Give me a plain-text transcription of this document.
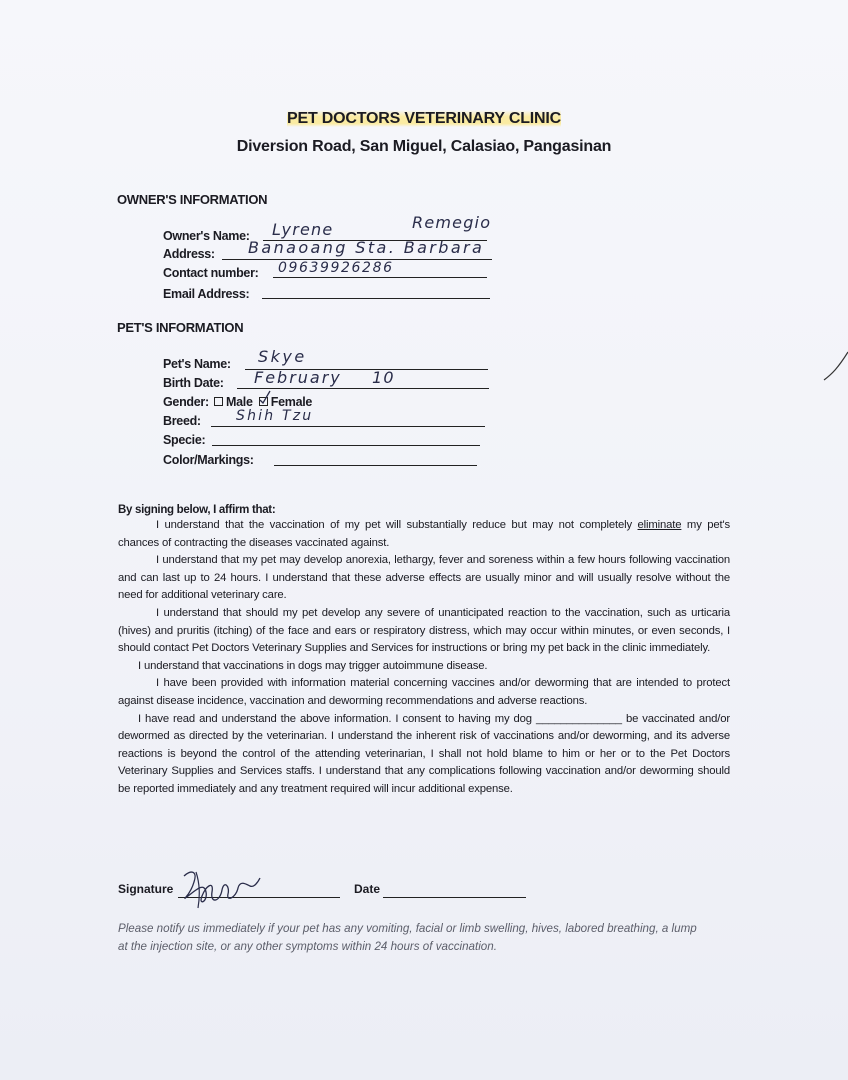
PET DOCTORS VETERINARY CLINIC
Diversion Road, San Miguel, Calasiao, Pangasinan
OWNER'S INFORMATION
Owner's Name: Lyrene	Remegio
Address: Banaoang Sta. Barbara
Contact number: 09639926286
Email Address:
PET'S INFORMATION
Pet's Name: Skye
Birth Date: February 10
Gender: Male Female
Breed:	Shih Tzu
Specie:
Color/Markings:
By signing below, I affirm that:

I understand that the vaccination of my pet will substantially reduce but may not completely eliminate my pet's chances of contracting the diseases vaccinated against.

I understand that my pet may develop anorexia, lethargy, fever and soreness within a few hours following vaccination and can last up to 24 hours. I understand that these adverse effects are usually minor and will usually resolve without the need for additional veterinary care.

I understand that should my pet develop any severe of unanticipated reaction to the vaccination, such as urticaria (hives) and pruritis (itching) of the face and ears or respiratory distress, which may occur within minutes, or even seconds, I should contact Pet Doctors Veterinary Supplies and Services for instructions or bring my pet back in the clinic immediately.

I understand that vaccinations in dogs may trigger autoimmune disease.

I have been provided with information material concerning vaccines and/or deworming that are intended to protect against disease incidence, vaccination and deworming recommendations and adverse reactions.

I have read and understand the above information. I consent to having my dog ______________ be vaccinated and/or dewormed as directed by the veterinarian. I understand the inherent risk of vaccinations and/or deworming, and its adverse reactions is beyond the control of the attending veterinarian, I shall not hold blame to him or her or to the Pet Doctors Veterinary Supplies and Services staffs. I understand that any complications following vaccination and/or deworming should be reported immediately and any treatment required will incur additional expense.

Signature	Date
Please notify us immediately if your pet has any vomiting, facial or limb swelling, hives, labored breathing, a lump at the injection site, or any other symptoms within 24 hours of vaccination.
